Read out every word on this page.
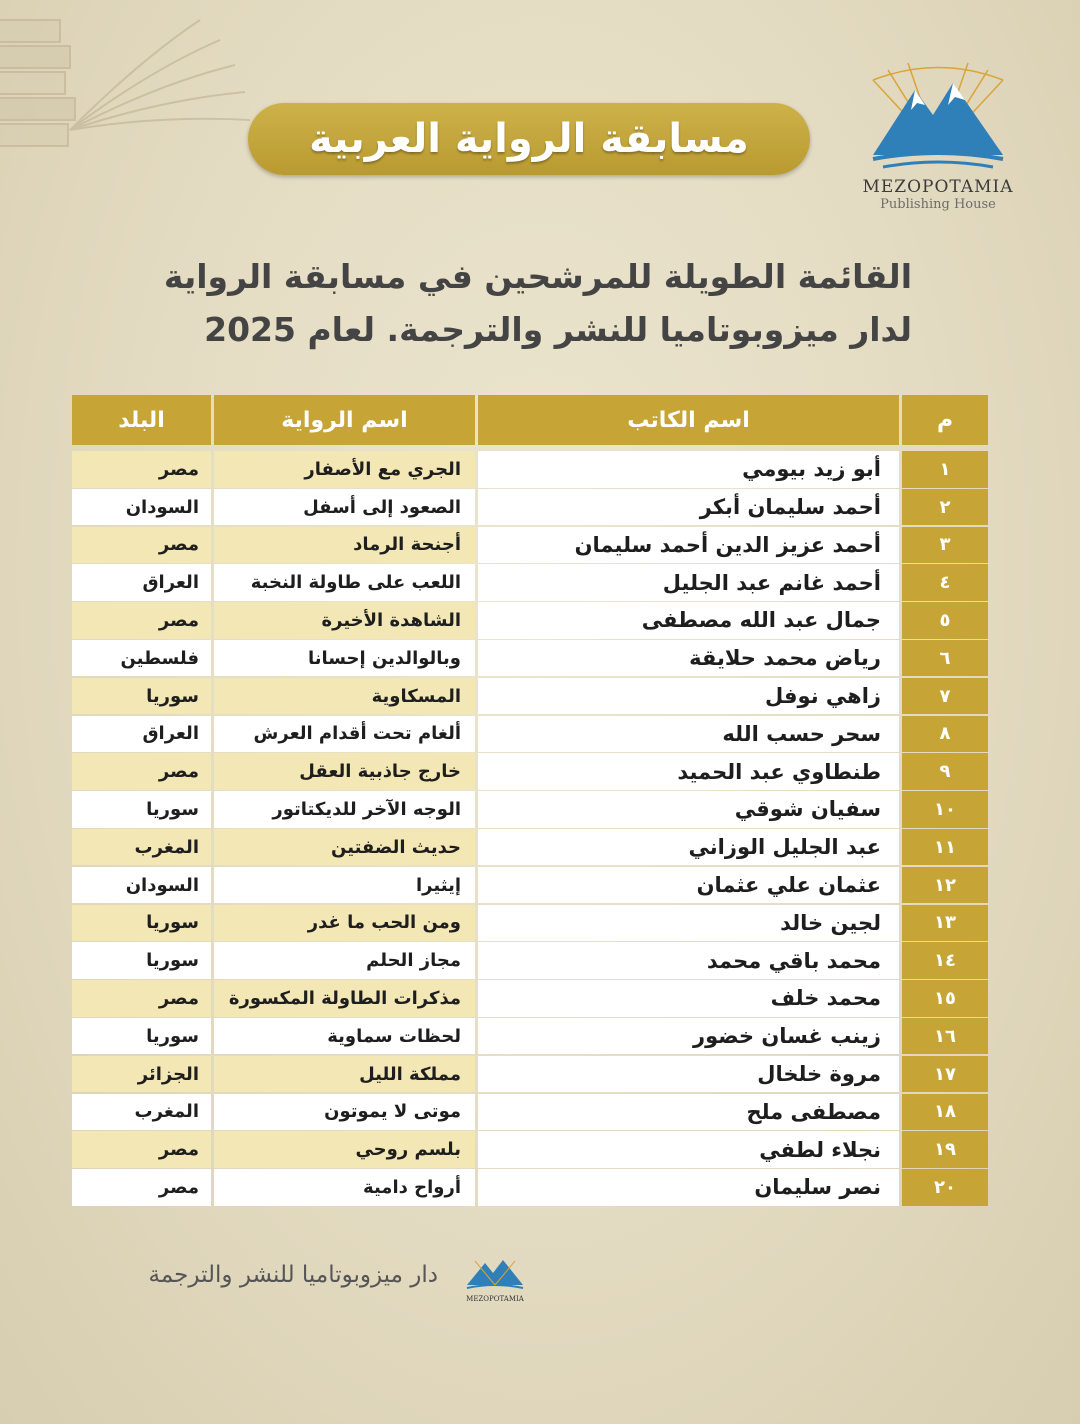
مسابقة الرواية العربية
MEZOPOTAMIA
Publishing House
القائمة الطويلة للمرشحين في مسابقة الرواية
لدار ميزوبوتاميا للنشر والترجمة. لعام 2025
م
اسم الكاتب
اسم الرواية
البلد
١
أبو زيد بيومي
الجري مع الأصفار
مصر
٢
أحمد سليمان أبكر
الصعود إلى أسفل
السودان
٣
أحمد عزيز الدين أحمد سليمان
أجنحة الرماد
مصر
٤
أحمد غانم عبد الجليل
اللعب على طاولة النخبة
العراق
٥
جمال عبد الله مصطفى
الشاهدة الأخيرة
مصر
٦
رياض محمد حلايقة
وبالوالدين إحسانا
فلسطين
٧
زاهي نوفل
المسكاوية
سوريا
٨
سحر حسب الله
ألغام تحت أقدام العرش
العراق
٩
طنطاوي عبد الحميد
خارج جاذبية العقل
مصر
١٠
سفيان شوقي
الوجه الآخر للديكتاتور
سوريا
١١
عبد الجليل الوزاني
حديث الضفتين
المغرب
١٢
عثمان علي عثمان
إيثيرا
السودان
١٣
لجين خالد
ومن الحب ما غدر
سوريا
١٤
محمد باقي محمد
مجاز الحلم
سوريا
١٥
محمد خلف
مذكرات الطاولة المكسورة
مصر
١٦
زينب غسان خضور
لحظات سماوية
سوريا
١٧
مروة خلخال
مملكة الليل
الجزائر
١٨
مصطفى ملح
موتى لا يموتون
المغرب
١٩
نجلاء لطفي
بلسم روحي
مصر
٢٠
نصر سليمان
أرواح دامية
مصر
MEZOPOTAMIA
دار ميزوبوتاميا للنشر والترجمة
